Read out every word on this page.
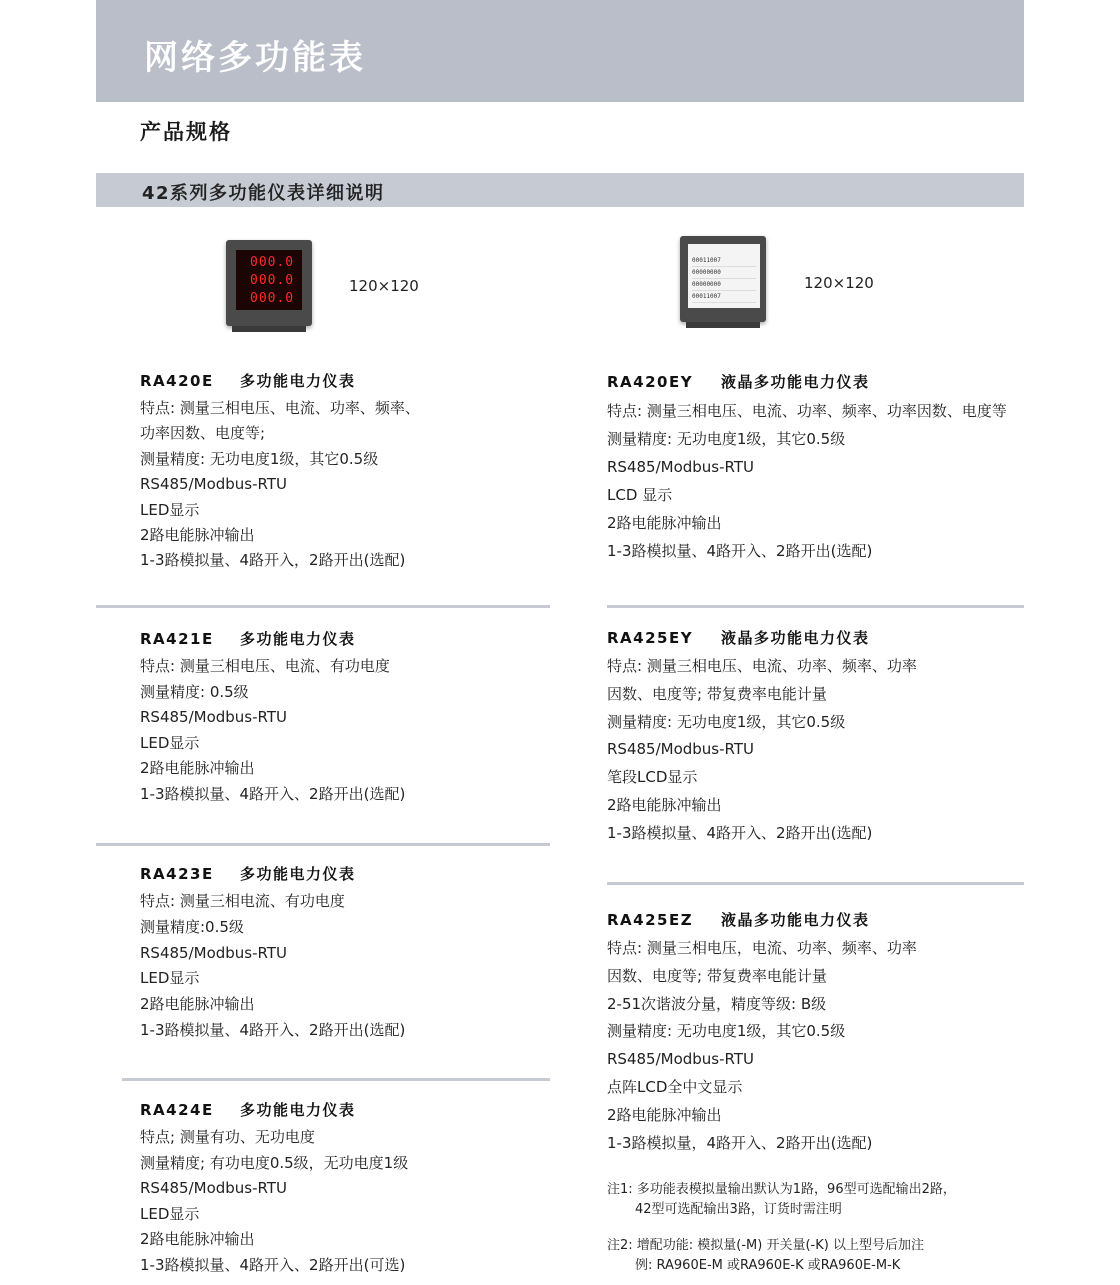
网络多功能表
产品规格
42系列多功能仪表详细说明
000.0
000.0
000.0
120×120
00011007
00000000
00000000
00011007
120×120
RA420E 多功能电力仪表
特点: 测量三相电压、电流、功率、频率、
功率因数、电度等;
测量精度: 无功电度1级，其它0.5级
RS485/Modbus-RTU
LED显示
2路电能脉冲输出
1-3路模拟量、4路开入，2路开出(选配)
RA421E 多功能电力仪表
特点: 测量三相电压、电流、有功电度
测量精度: 0.5级
RS485/Modbus-RTU
LED显示
2路电能脉冲输出
1-3路模拟量、4路开入、2路开出(选配)
RA423E 多功能电力仪表
特点: 测量三相电流、有功电度
测量精度:0.5级
RS485/Modbus-RTU
LED显示
2路电能脉冲输出
1-3路模拟量、4路开入、2路开出(选配)
RA424E 多功能电力仪表
特点; 测量有功、无功电度
测量精度; 有功电度0.5级，无功电度1级
RS485/Modbus-RTU
LED显示
2路电能脉冲输出
1-3路模拟量、4路开入、2路开出(可选)
RA420EY 液晶多功能电力仪表
特点: 测量三相电压、电流、功率、频率、功率因数、电度等
测量精度: 无功电度1级，其它0.5级
RS485/Modbus-RTU
LCD 显示
2路电能脉冲输出
1-3路模拟量、4路开入、2路开出(选配)
RA425EY 液晶多功能电力仪表
特点: 测量三相电压、电流、功率、频率、功率
因数、电度等; 带复费率电能计量
测量精度: 无功电度1级，其它0.5级
RS485/Modbus-RTU
笔段LCD显示
2路电能脉冲输出
1-3路模拟量、4路开入、2路开出(选配)
RA425EZ 液晶多功能电力仪表
特点: 测量三相电压，电流、功率、频率、功率
因数、电度等; 带复费率电能计量
2-51次谐波分量，精度等级: B级
测量精度: 无功电度1级，其它0.5级
RS485/Modbus-RTU
点阵LCD全中文显示
2路电能脉冲输出
1-3路模拟量，4路开入、2路开出(选配)
注1: 多功能表模拟量输出默认为1路，96型可选配输出2路，
42型可选配输出3路，订货时需注明
注2: 增配功能: 模拟量(-M) 开关量(-K) 以上型号后加注
例: RA960E-M 或RA960E-K 或RA960E-M-K
